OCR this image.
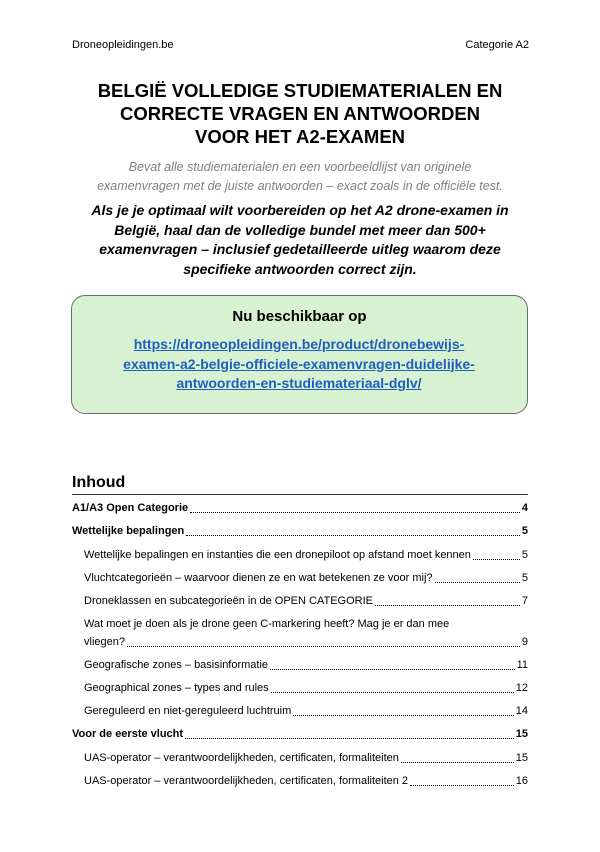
Droneopleidingen.be	Categorie A2
BELGIË VOLLEDIGE STUDIEMATERIALEN EN
CORRECTE VRAGEN EN ANTWOORDEN
VOOR HET A2-EXAMEN
Bevat alle studiematerialen en een voorbeeldlijst van originele
examenvragen met de juiste antwoorden – exact zoals in de officiële test.
Als je je optimaal wilt voorbereiden op het A2 drone-examen in
België, haal dan de volledige bundel met meer dan 500+
examenvragen – inclusief gedetailleerde uitleg waarom deze
specifieke antwoorden correct zijn.
Nu beschikbaar op
https://droneopleidingen.be/product/dronebewijs-
examen-a2-belgie-officiele-examenvragen-duidelijke-
antwoorden-en-studiemateriaal-dglv/
Inhoud
A1/A3 Open Categorie	4
Wettelijke bepalingen	5
Wettelijke bepalingen en instanties die een dronepiloot op afstand moet kennen	5
Vluchtcategorieën – waarvoor dienen ze en wat betekenen ze voor mij?	5
Droneklassen en subcategorieën in de OPEN CATEGORIE	7
Wat moet je doen als je drone geen C-markering heeft? Mag je er dan mee
vliegen?	9
Geografische zones – basisinformatie	11
Geographical zones – types and rules	12
Gereguleerd en niet-gereguleerd luchtruim	14
Voor de eerste vlucht	15
UAS-operator – verantwoordelijkheden, certificaten, formaliteiten	15
UAS-operator – verantwoordelijkheden, certificaten, formaliteiten 2	16
